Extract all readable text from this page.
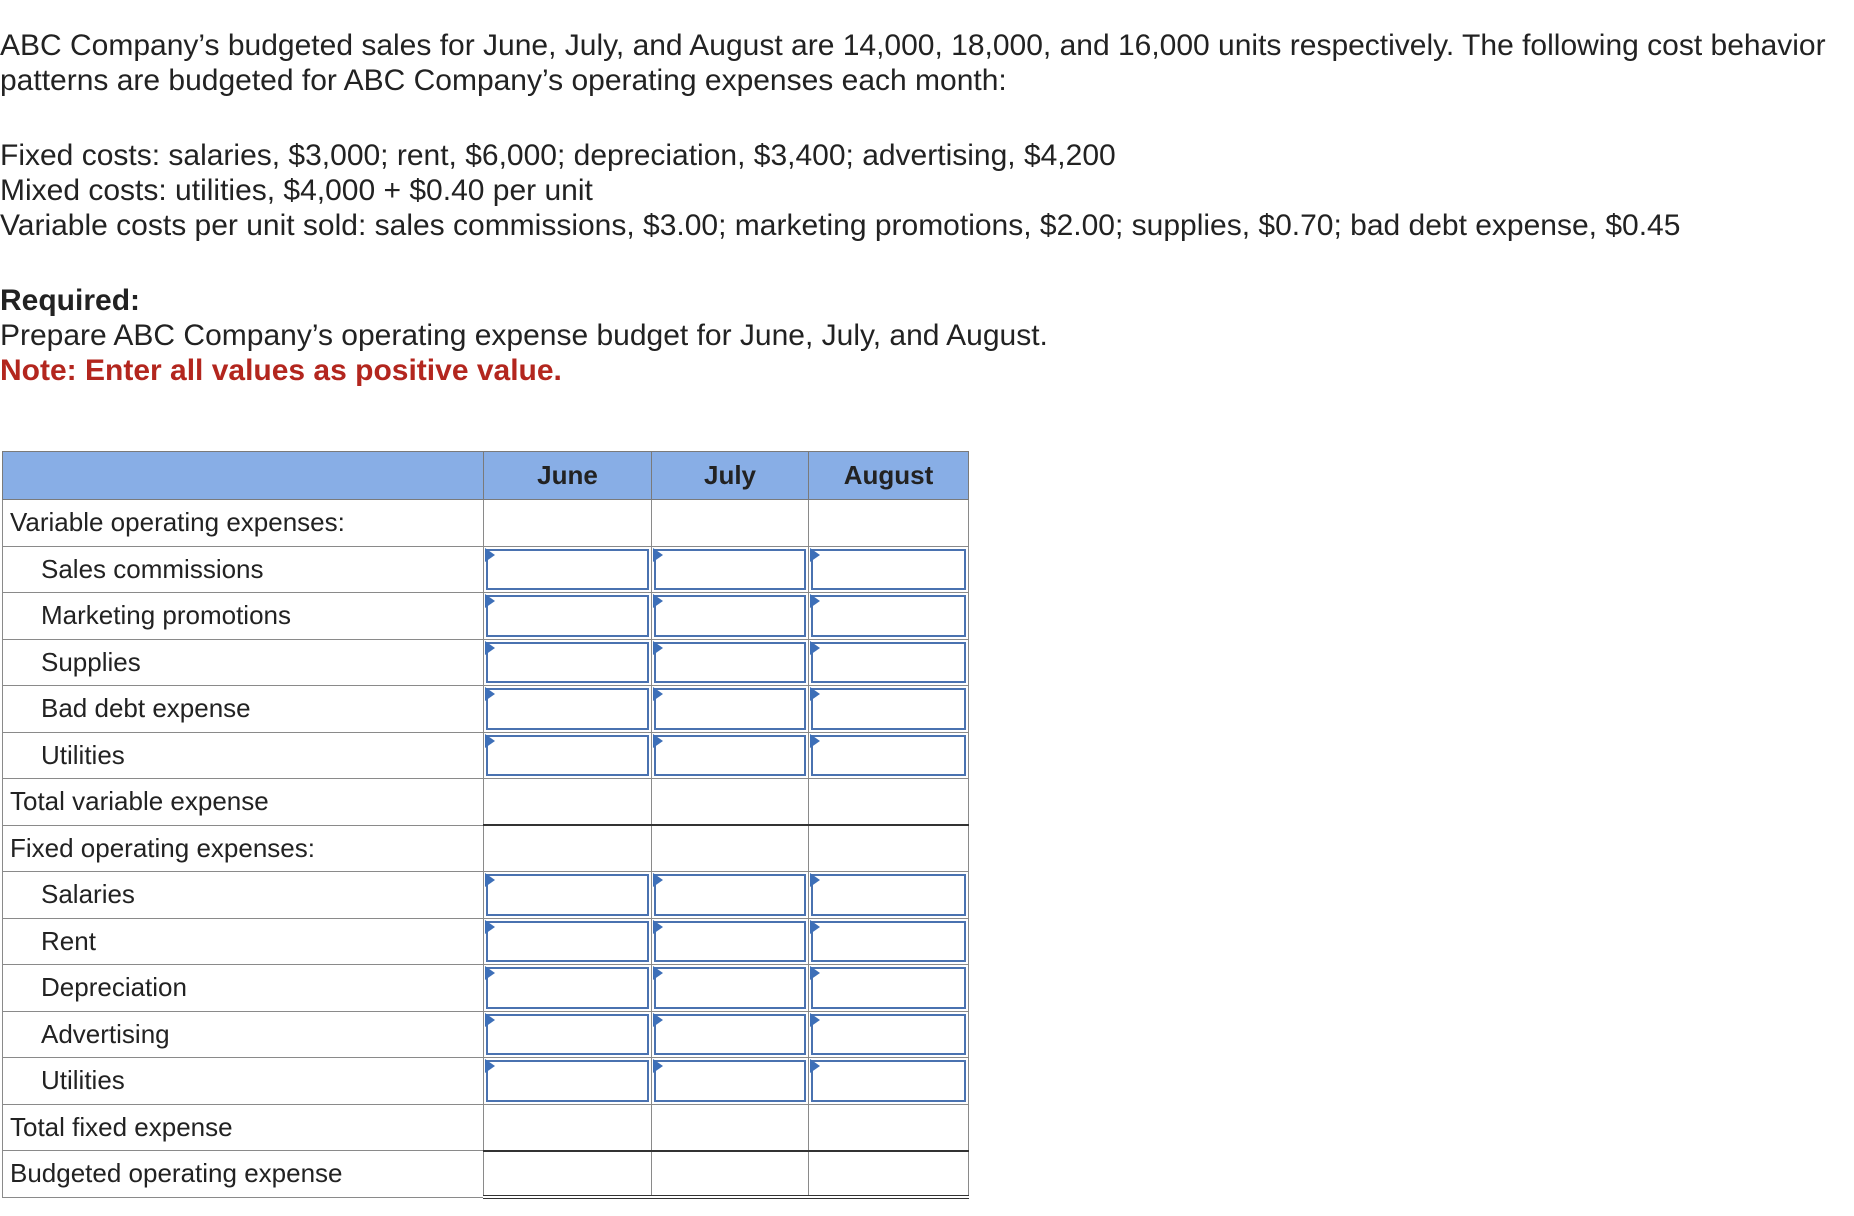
ABC Company’s budgeted sales for June, July, and August are 14,000, 18,000, and 16,000 units respectively. The following cost behavior patterns are budgeted for ABC Company’s operating expenses each month:

Fixed costs: salaries, $3,000; rent, $6,000; depreciation, $3,400; advertising, $4,200

Mixed costs: utilities, $4,000 + $0.40 per unit

Variable costs per unit sold: sales commissions, $3.00; marketing promotions, $2.00; supplies, $0.70; bad debt expense, $0.45

Required:

Prepare ABC Company’s operating expense budget for June, July, and August.

Note: Enter all values as positive value.

	June	July	August
Variable operating expenses:			
Sales commissions	

Marketing promotions	

Supplies	

Bad debt expense	

Utilities	

Total variable expense			
Fixed operating expenses:			
Salaries	

Rent	

Depreciation	

Advertising	

Utilities	

Total fixed expense			
Budgeted operating expense			
